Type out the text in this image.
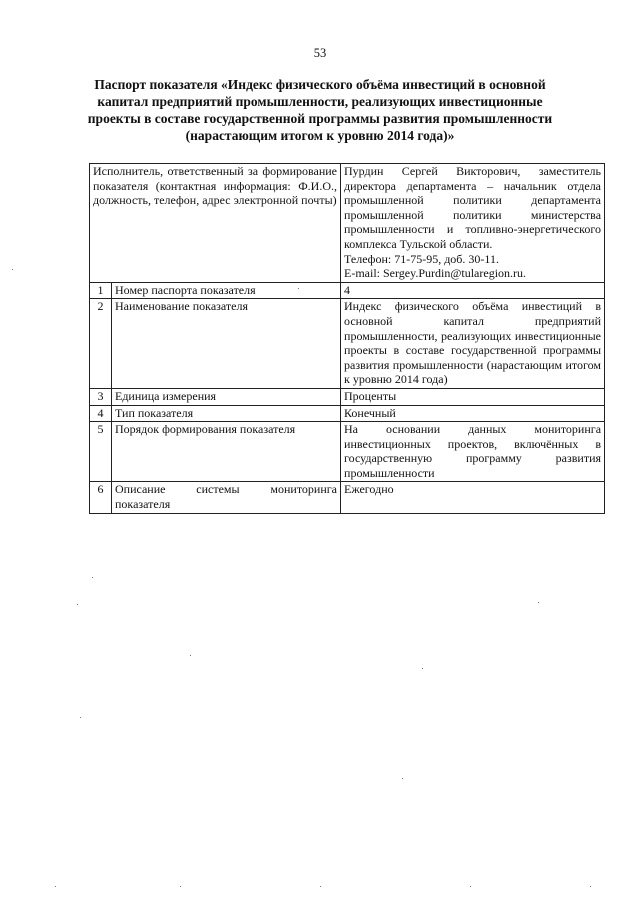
53
Паспорт показателя «Индекс физического объёма инвестиций в основной капитал предприятий промышленности, реализующих инвестиционные проекты в составе государственной программы развития промышленности (нарастающим итогом к уровню 2014 года)»
Исполнитель, ответственный за формирование показателя (контактная информация: Ф.И.О., должность, телефон, адрес электронной почты)		Пурдин Сергей Викторович, заместитель директора департамента – начальник отдела промышленной политики департамента промышленной политики министерства промышленности и топливно-энергетического комплекса Тульской области.
Телефон: 71-75-95, доб. 30-11.
E-mail: Sergey.Purdin@tularegion.ru.

1	Номер паспорта показателя	4
2	Наименование показателя	Индекс физического объёма инвестиций в основной капитал предприятий промышленности, реализующих инвестиционные проекты в составе государственной программы развития промышленности (нарастающим итогом к уровню 2014 года)
3	Единица измерения	Проценты
4	Тип показателя	Конечный
5	Порядок формирования показателя	На основании данных мониторинга инвестиционных проектов, включённых в государственную программу развития промышленности
6	Описание системы мониторинга показателя	Ежегодно
